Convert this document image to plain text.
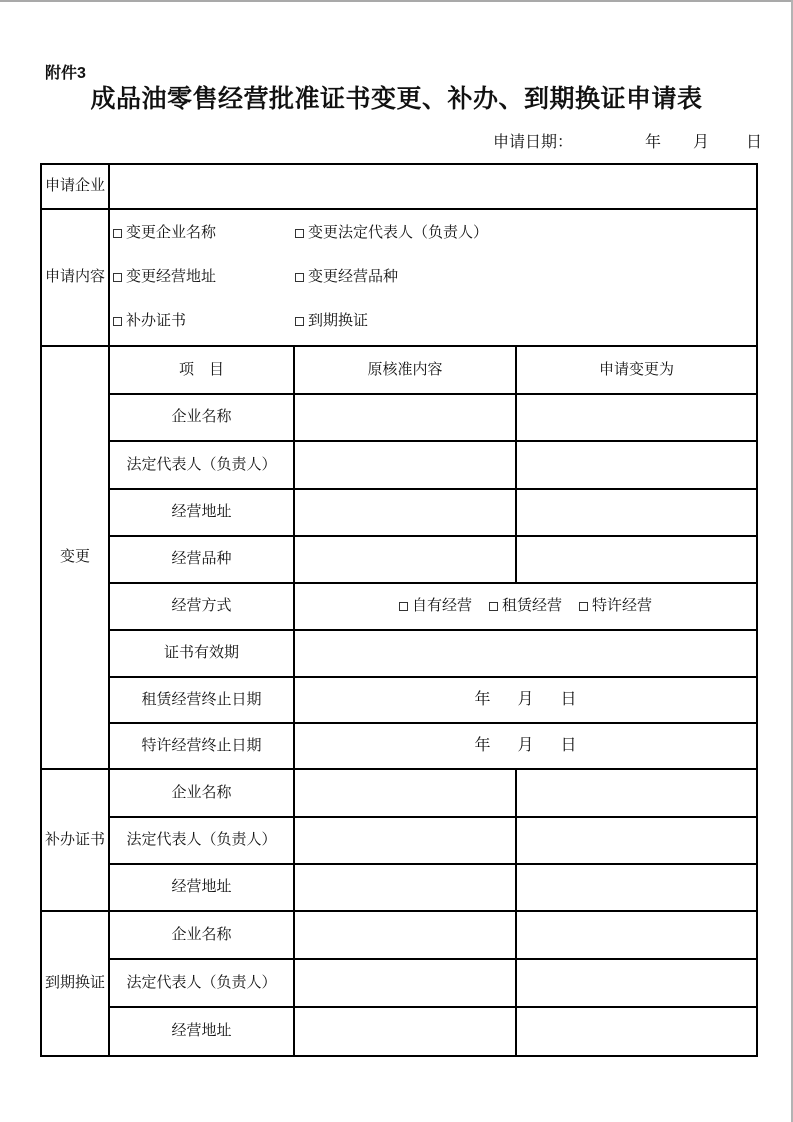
附件3
成品油零售经营批准证书变更、补办、到期换证申请表
申请日期：	年 月 日
申请企业			
申请内容	
变更企业名称	变更法定代表人（负责人）
变更经营地址	变更经营品种
补办证书	到期换证

变更	项　目	原核准内容	申请变更为
	企业名称		
	法定代表人（负责人）		
	经营地址		
	经营品种		
	经营方式	自有经营 租赁经营 特许经营	

	证书有效期		
	租赁经营终止日期	年 月 日	

	特许经营终止日期	年 月 日	

补办证书	企业名称		
	法定代表人（负责人）		
	经营地址		
到期换证	企业名称		
	法定代表人（负责人）		
	经营地址		
